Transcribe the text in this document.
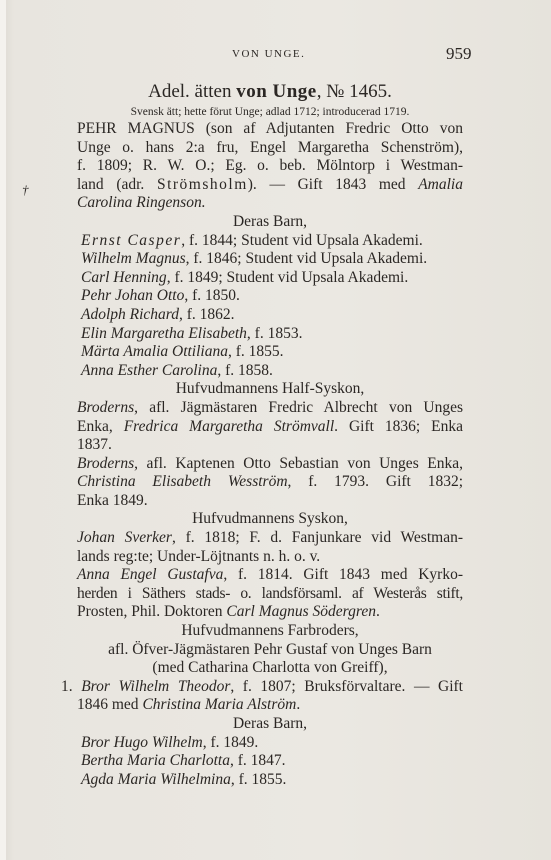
VON UNGE.	959
†
Adel. ätten von Unge, № 1465.
Svensk ätt; hette förut Unge; adlad 1712; introducerad 1719.
PEHR MAGNUS (son af Adjutanten Fredric Otto von
Unge o. hans 2:a fru, Engel Margaretha Schenström),
f. 1809; R. W. O.; Eg. o. beb. Mölntorp i Westman-
land (adr. Strömsholm). — Gift 1843 med Amalia
Carolina Ringenson.
Deras Barn,
Ernst Casper, f. 1844; Student vid Upsala Akademi.
Wilhelm Magnus, f. 1846; Student vid Upsala Akademi.
Carl Henning, f. 1849; Student vid Upsala Akademi.
Pehr Johan Otto, f. 1850.
Adolph Richard, f. 1862.
Elin Margaretha Elisabeth, f. 1853.
Märta Amalia Ottiliana, f. 1855.
Anna Esther Carolina, f. 1858.
Hufvudmannens Half-Syskon,
Broderns, afl. Jägmästaren Fredric Albrecht von Unges
Enka, Fredrica Margaretha Strömvall. Gift 1836; Enka
1837.
Broderns, afl. Kaptenen Otto Sebastian von Unges Enka,
Christina Elisabeth Wesström, f. 1793. Gift 1832;
Enka 1849.
Hufvudmannens Syskon,
Johan Sverker, f. 1818; F. d. Fanjunkare vid Westman-
lands reg:te; Under-Löjtnants n. h. o. v.
Anna Engel Gustafva, f. 1814. Gift 1843 med Kyrko-
herden i Säthers stads- o. landsförsaml. af Westerås stift,
Prosten, Phil. Doktoren Carl Magnus Södergren.
Hufvudmannens Farbroders,
afl. Öfver-Jägmästaren Pehr Gustaf von Unges Barn
(med Catharina Charlotta von Greiff),
1. Bror Wilhelm Theodor, f. 1807; Bruksförvaltare. — Gift
1846 med Christina Maria Alström.
Deras Barn,
Bror Hugo Wilhelm, f. 1849.
Bertha Maria Charlotta, f. 1847.
Agda Maria Wilhelmina, f. 1855.
